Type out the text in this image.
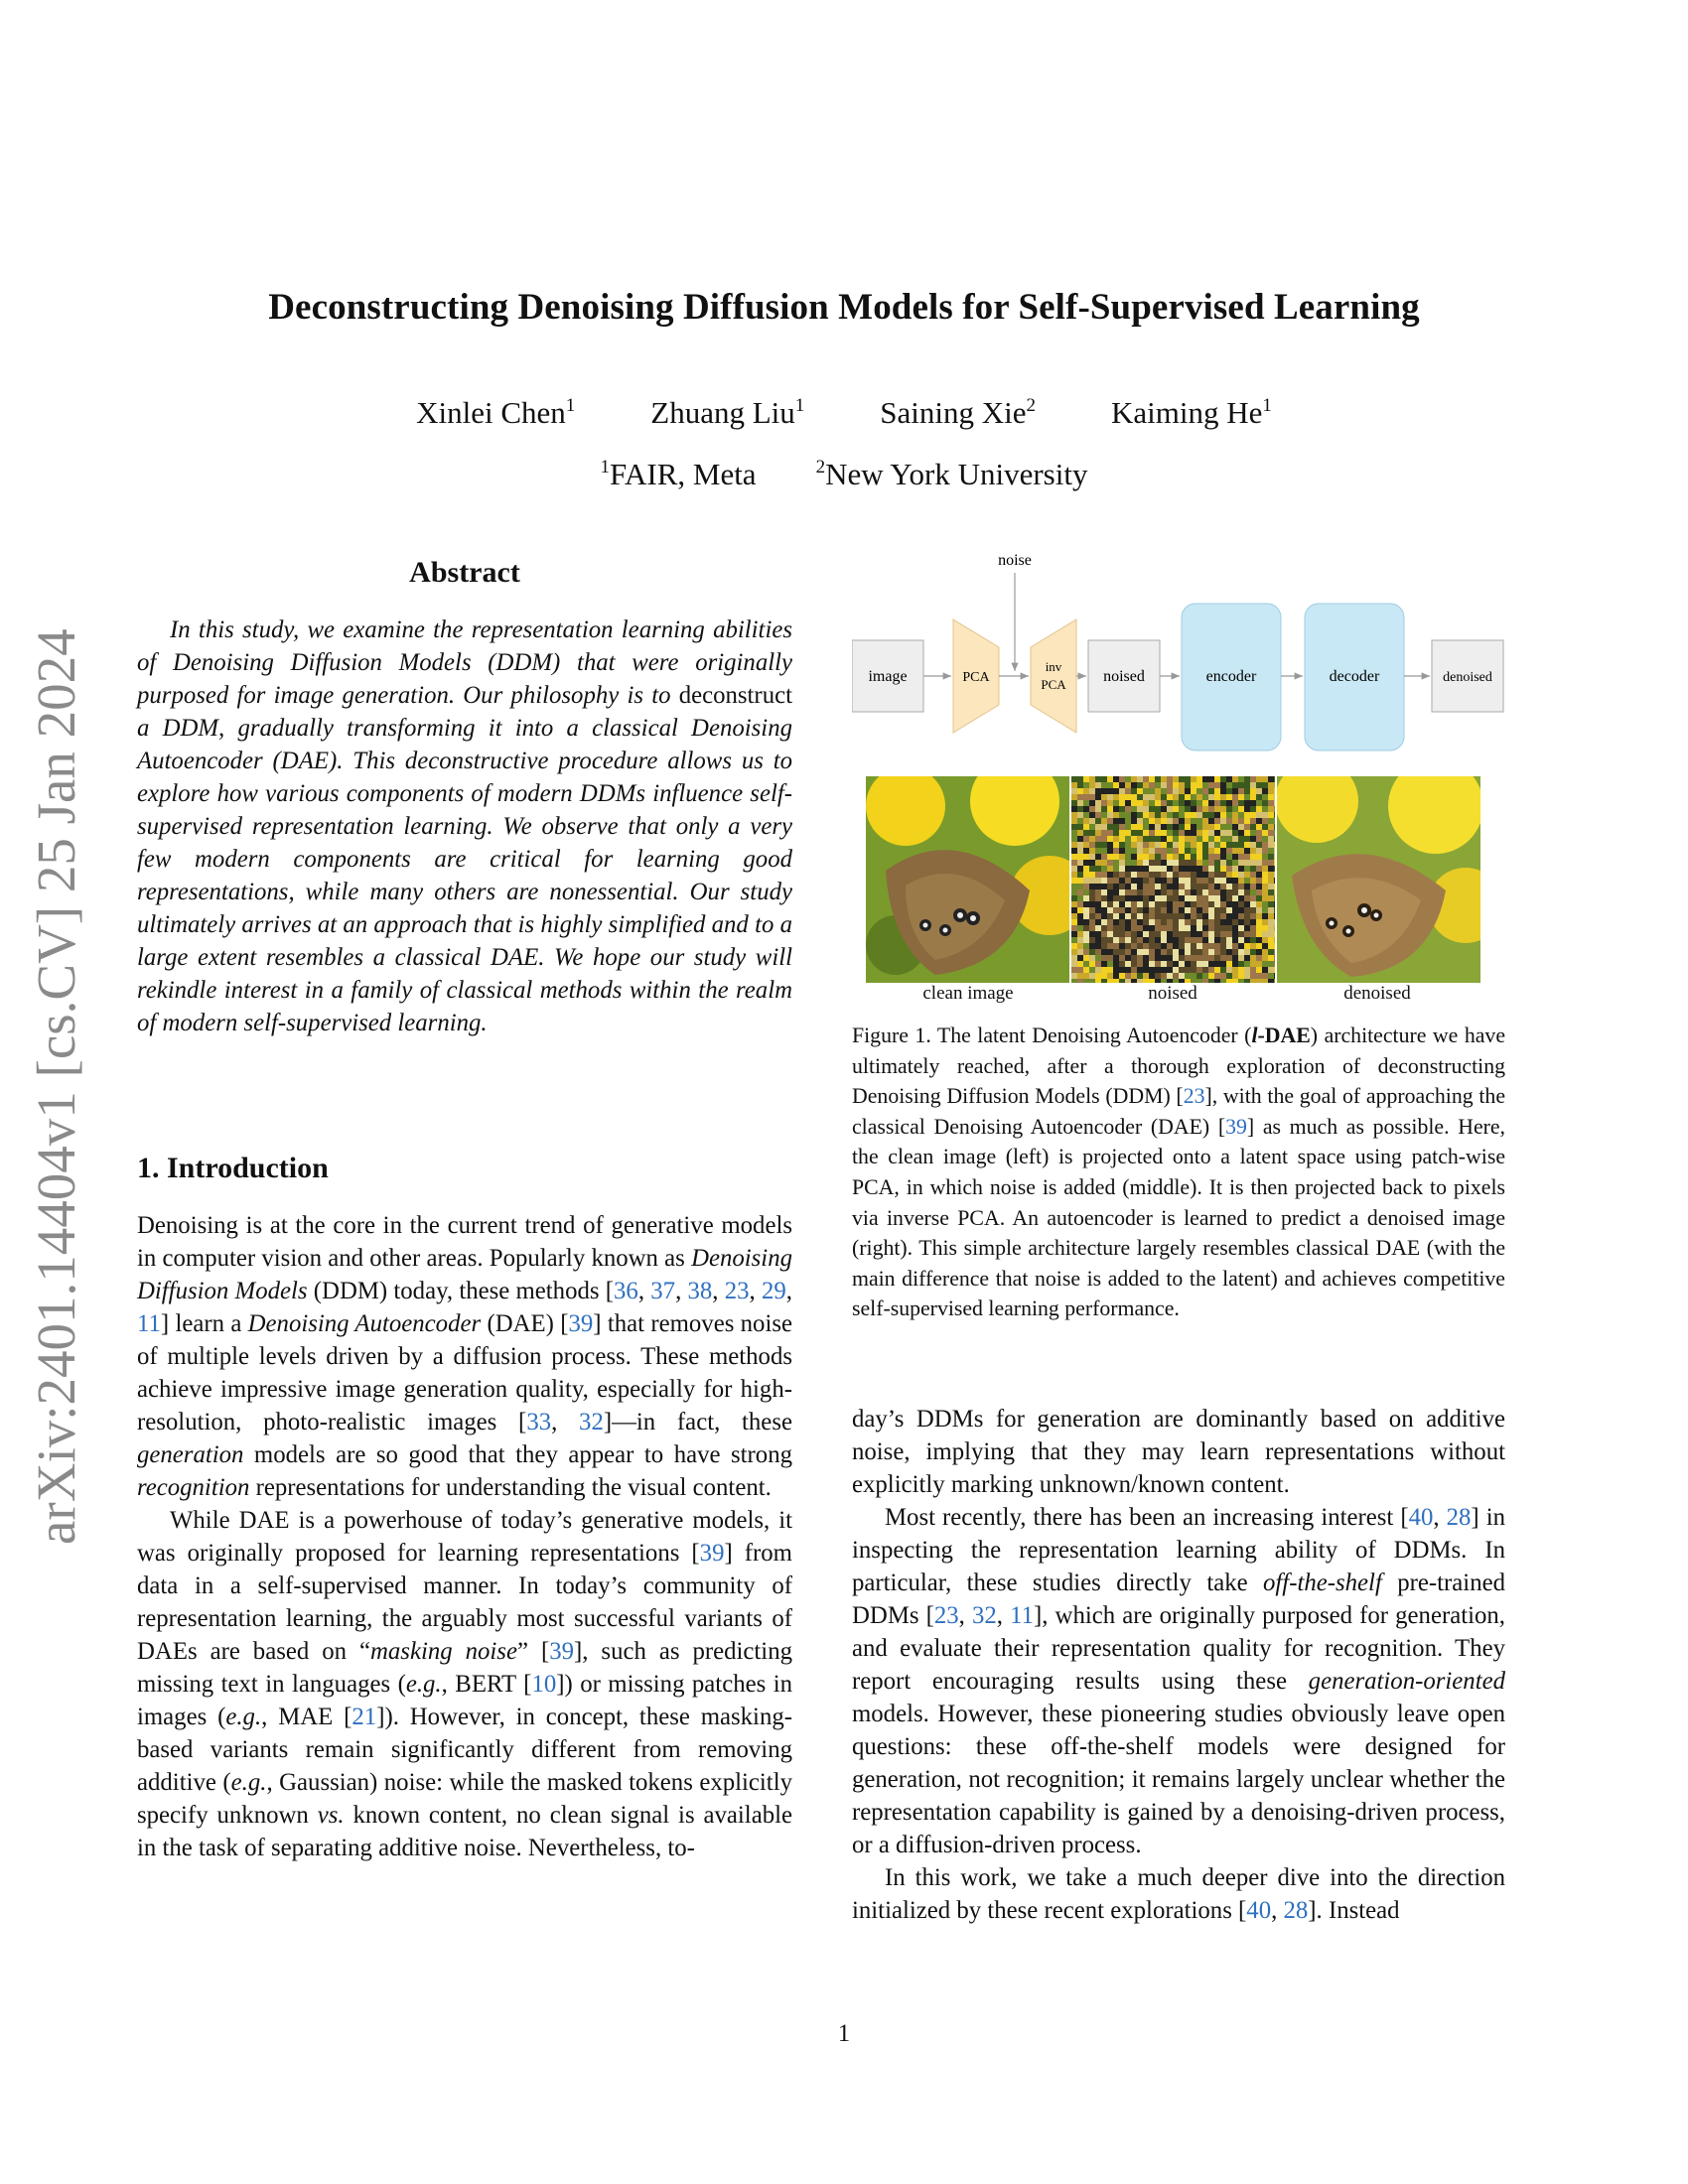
Deconstructing Denoising Diffusion Models for Self-Supervised Learning
Xinlei Chen$^1$ Zhuang Liu$^1$ Saining Xie$^2$ Kaiming He$^1$
$^1$FAIR, Meta	$^2$New York University
arXiv:2401.14404v1 [cs.CV] 25 Jan 2024
Abstract

In this study, we examine the representation learning abilities of Denoising Diffusion Models (DDM) that were originally purposed for image generation. Our philosophy is to deconstruct a DDM, gradually transforming it into a classical Denoising Autoencoder (DAE). This deconstructive procedure allows us to explore how various components of modern DDMs influence self-supervised representation learning. We observe that only a very few modern components are critical for learning good representations, while many others are nonessential. Our study ultimately arrives at an approach that is highly simplified and to a large extent resembles a classical DAE. We hope our study will rekindle interest in a family of classical methods within the realm of modern self-supervised learning.

1. Introduction

Denoising is at the core in the current trend of generative models in computer vision and other areas. Popularly known as Denoising Diffusion Models (DDM) today, these methods [36, 37, 38, 23, 29, 11] learn a Denoising Autoencoder (DAE) [39] that removes noise of multiple levels driven by a diffusion process. These methods achieve impressive image generation quality, especially for high-resolution, photo-realistic images [33, 32]—in fact, these generation models are so good that they appear to have strong recognition representations for understanding the visual content.

While DAE is a powerhouse of today’s generative models, it was originally proposed for learning representations [39] from data in a self-supervised manner. In today’s community of representation learning, the arguably most successful variants of DAEs are based on “masking noise” [39], such as predicting missing text in languages (e.g., BERT [10]) or missing patches in images (e.g., MAE [21]). However, in concept, these masking-based variants remain significantly different from removing additive (e.g., Gaussian) noise: while the masked tokens explicitly specify unknown vs. known content, no clean signal is available in the task of separating additive noise. Nevertheless, to-

noise
image	PCA
inv
PCA noised	encoder	decoder	denoised
clean image	noised	denoised
Figure 1. The latent Denoising Autoencoder (l-DAE) architecture we have ultimately reached, after a thorough exploration of deconstructing Denoising Diffusion Models (DDM) [23], with the goal of approaching the classical Denoising Autoencoder (DAE) [39] as much as possible. Here, the clean image (left) is projected onto a latent space using patch-wise PCA, in which noise is added (middle). It is then projected back to pixels via inverse PCA. An autoencoder is learned to predict a denoised image (right). This simple architecture largely resembles classical DAE (with the main difference that noise is added to the latent) and achieves competitive self-supervised learning performance.

day’s DDMs for generation are dominantly based on additive noise, implying that they may learn representations without explicitly marking unknown/known content.

Most recently, there has been an increasing interest [40, 28] in inspecting the representation learning ability of DDMs. In particular, these studies directly take off-the-shelf pre-trained DDMs [23, 32, 11], which are originally purposed for generation, and evaluate their representation quality for recognition. They report encouraging results using these generation-oriented models. However, these pioneering studies obviously leave open questions: these off-the-shelf models were designed for generation, not recognition; it remains largely unclear whether the representation capability is gained by a denoising-driven process, or a diffusion-driven process.

In this work, we take a much deeper dive into the direction initialized by these recent explorations [40, 28]. Instead

1
